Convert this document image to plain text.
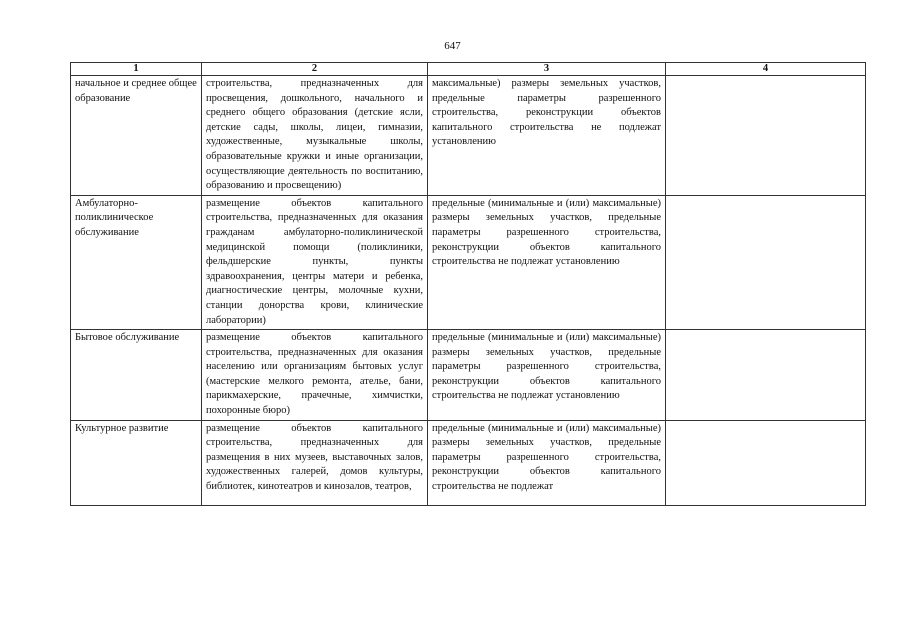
647
1	2	3	4
начальное и среднее общее образование	строительства, предназначенных для просвещения, дошкольного, начального и среднего общего образования (детские ясли, детские сады, школы, лицеи, гимназии, художественные, музыкальные школы, образовательные кружки и иные организации, осуществляющие деятельность по воспитанию, образованию и просвещению)	максимальные) размеры земельных участков, предельные параметры разрешенного строительства, реконструкции объектов капитального строительства не подлежат установлению	
Амбулаторно-поликлиническое обслуживание	размещение объектов капитального строительства, предназначенных для оказания гражданам амбулаторно-поликлинической медицинской помощи (поликлиники, фельдшерские пункты, пункты здравоохранения, центры матери и ребенка, диагностические центры, молочные кухни, станции донорства крови, клинические лаборатории)	предельные (минимальные и (или) максимальные) размеры земельных участков, предельные параметры разрешенного строительства, реконструкции объектов капитального строительства не подлежат установлению	
Бытовое обслуживание	размещение объектов капитального строительства, предназначенных для оказания населению или организациям бытовых услуг (мастерские мелкого ремонта, ателье, бани, парикмахерские, прачечные, химчистки, похоронные бюро)	предельные (минимальные и (или) максимальные) размеры земельных участков, предельные параметры разрешенного строительства, реконструкции объектов капитального строительства не подлежат установлению	

Культурное развитие	размещение объектов капитального строительства, предназначенных для размещения в них музеев, выставочных залов, художественных галерей, домов культуры, библиотек, кинотеатров и кинозалов, театров,	предельные (минимальные и (или) максимальные) размеры земельных участков, предельные параметры разрешенного строительства, реконструкции объектов капитального строительства не подлежат	
